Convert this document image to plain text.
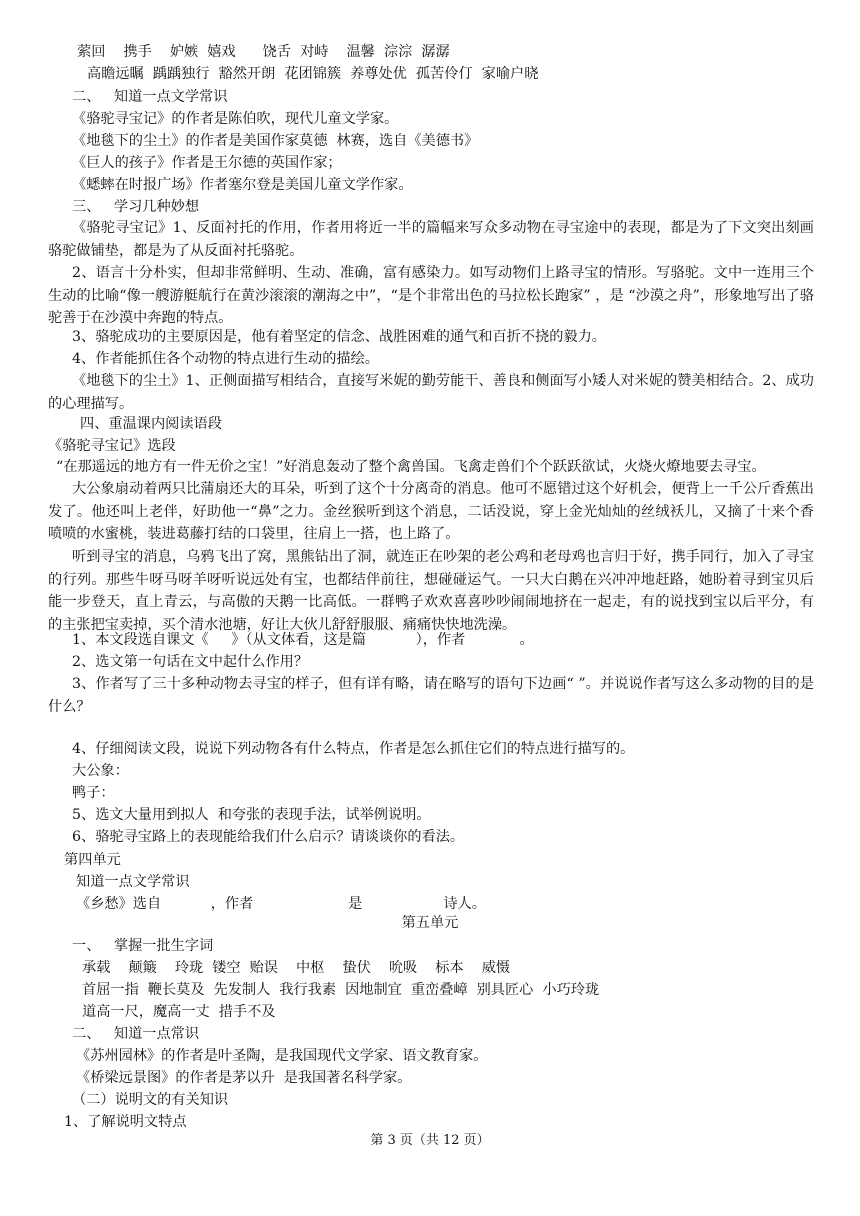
萦回    携手    妒嫉  嬉戏      饶舌  对峙    温馨  淙淙  潺潺
高瞻远瞩  踽踽独行  豁然开朗  花团锦簇  养尊处优  孤苦伶仃  家喻户晓
二、   知道一点文学常识
《骆驼寻宝记》的作者是陈伯吹，现代儿童文学家。
《地毯下的尘土》的作者是美国作家莫德  林赛，选自《美德书》
《巨人的孩子》作者是王尔德的英国作家；
《蟋蟀在时报广场》作者塞尔登是美国儿童文学作家。
三、   学习几种妙想
《骆驼寻宝记》1、反面衬托的作用，作者用将近一半的篇幅来写众多动物在寻宝途中的表现，都是为了下文突出刻画骆驼做铺垫，都是为了从反面衬托骆驼。
2、语言十分朴实，但却非常鲜明、生动、准确，富有感染力。如写动物们上路寻宝的情形。写骆驼。文中一连用三个生动的比喻“像一艘游艇航行在黄沙滚滚的潮海之中”，“是个非常出色的马拉松长跑家” ，是 “沙漠之舟”，形象地写出了骆驼善于在沙漠中奔跑的特点。
3、骆驼成功的主要原因是，他有着坚定的信念、战胜困难的通气和百折不挠的毅力。
4、作者能抓住各个动物的特点进行生动的描绘。
《地毯下的尘土》1、正侧面描写相结合，直接写米妮的勤劳能干、善良和侧面写小矮人对米妮的赞美相结合。2、成功的心理描写。
四、重温课内阅读语段
《骆驼寻宝记》选段
“在那遥远的地方有一件无价之宝！”好消息轰动了整个禽兽国。飞禽走兽们个个跃跃欲试，火烧火燎地要去寻宝。
大公象扇动着两只比蒲扇还大的耳朵，听到了这个十分离奇的消息。他可不愿错过这个好机会，便背上一千公斤香蕉出发了。他还叫上老伴，好助他一“鼻”之力。金丝猴听到这个消息，二话没说，穿上金光灿灿的丝绒袄儿，又摘了十来个香喷喷的水蜜桃，装进葛藤打结的口袋里，往肩上一搭，也上路了。
听到寻宝的消息，乌鸦飞出了窝，黑熊钻出了洞，就连正在吵架的老公鸡和老母鸡也言归于好，携手同行，加入了寻宝的行列。那些牛呀马呀羊呀听说远处有宝，也都结伴前往，想碰碰运气。一只大白鹅在兴冲冲地赶路，她盼着寻到宝贝后能一步登天，直上青云，与高傲的天鹅一比高低。一群鸭子欢欢喜喜吵吵闹闹地挤在一起走，有的说找到宝以后平分，有的主张把宝卖掉，买个清水池塘，好让大伙儿舒舒服服、痛痛快快地洗澡。
1、本文段选自课文《     》（从文体看，这是篇           ），作者            。
2、选文第一句话在文中起什么作用？
3、作者写了三十多种动物去寻宝的样子，但有详有略，请在略写的语句下边画“ ”。并说说作者写这么多动物的目的是什么？
4、仔细阅读文段，说说下列动物各有什么特点，作者是怎么抓住它们的特点进行描写的。
大公象：
鸭子：
5、选文大量用到拟人  和夸张的表现手法，试举例说明。
6、骆驼寻宝路上的表现能给我们什么启示？请谈谈你的看法。
第四单元
知道一点文学常识
《乡愁》选自           ，作者                     是                  诗人。
第五单元
一、   掌握一批生字词
承载    颠簸    玲珑  镂空  贻误    中枢    蛰伏    吮吸    标本    威慑
首屈一指  鞭长莫及  先发制人  我行我素  因地制宜  重峦叠嶂  别具匠心  小巧玲珑
道高一尺，魔高一丈  措手不及
二、   知道一点常识
《苏州园林》的作者是叶圣陶，是我国现代文学家、语文教育家。
《桥梁远景图》的作者是茅以升  是我国著名科学家。
（二）说明文的有关知识
1、了解说明文特点
第 3 页（共 12 页）
